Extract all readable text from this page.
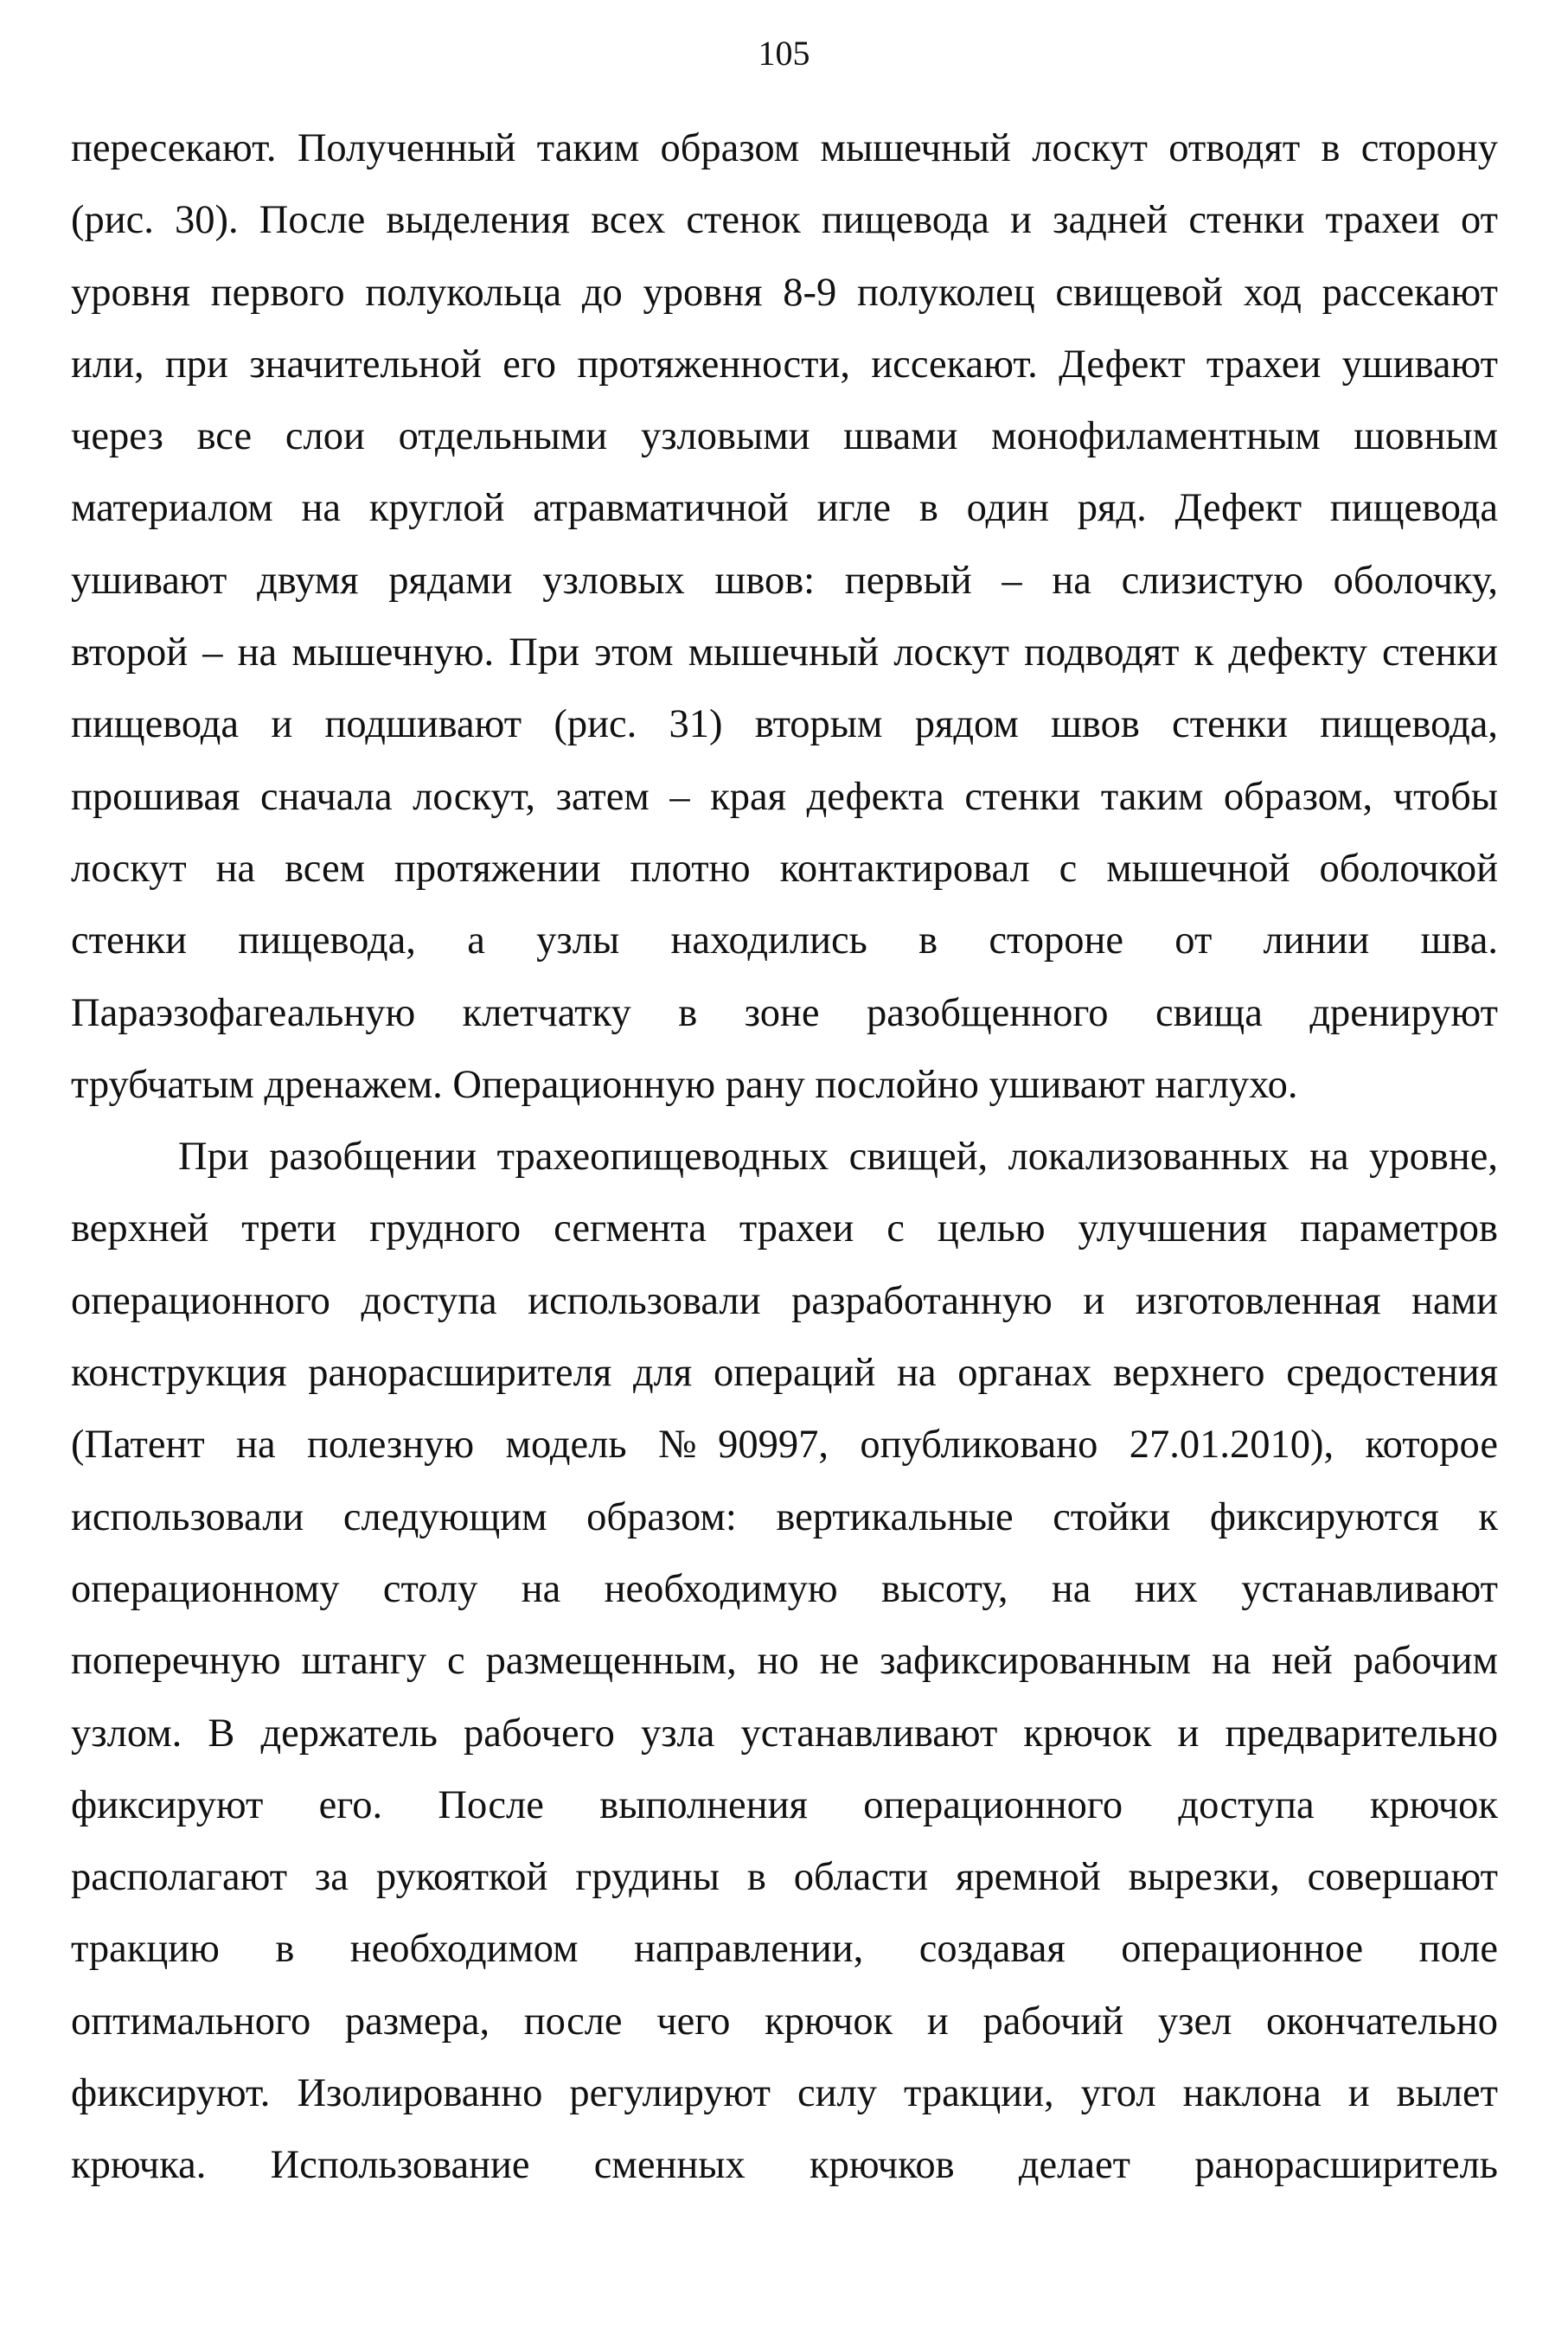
105
пересекают. Полученный таким образом мышечный лоскут отводят в сторону
(рис. 30). После выделения всех стенок пищевода и задней стенки трахеи от
уровня первого полукольца до уровня 8-9 полуколец свищевой ход рассекают
или, при значительной его протяженности, иссекают. Дефект трахеи ушивают
через все слои отдельными узловыми швами монофиламентным шовным
материалом на круглой атравматичной игле в один ряд. Дефект пищевода
ушивают двумя рядами узловых швов: первый – на слизистую оболочку,
второй – на мышечную. При этом мышечный лоскут подводят к дефекту стенки
пищевода и подшивают (рис. 31) вторым рядом швов стенки пищевода,
прошивая сначала лоскут, затем – края дефекта стенки таким образом, чтобы
лоскут на всем протяжении плотно контактировал с мышечной оболочкой
стенки пищевода, а узлы находились в стороне от линии шва.
Параэзофагеальную клетчатку в зоне разобщенного свища дренируют
трубчатым дренажем. Операционную рану послойно ушивают наглухо.
При разобщении трахеопищеводных свищей, локализованных на уровне,
верхней трети грудного сегмента трахеи с целью улучшения параметров
операционного доступа использовали разработанную и изготовленная нами
конструкция ранорасширителя для операций на органах верхнего средостения
(Патент на полезную модель №90997, опубликовано 27.01.2010), которое
использовали следующим образом: вертикальные стойки фиксируются к
операционному столу на необходимую высоту, на них устанавливают
поперечную штангу с размещенным, но не зафиксированным на ней рабочим
узлом. В держатель рабочего узла устанавливают крючок и предварительно
фиксируют его. После выполнения операционного доступа крючок
располагают за рукояткой грудины в области яремной вырезки, совершают
тракцию в необходимом направлении, создавая операционное поле
оптимального размера, после чего крючок и рабочий узел окончательно
фиксируют. Изолированно регулируют силу тракции, угол наклона и вылет
крючка. Использование сменных крючков делает ранорасширитель
